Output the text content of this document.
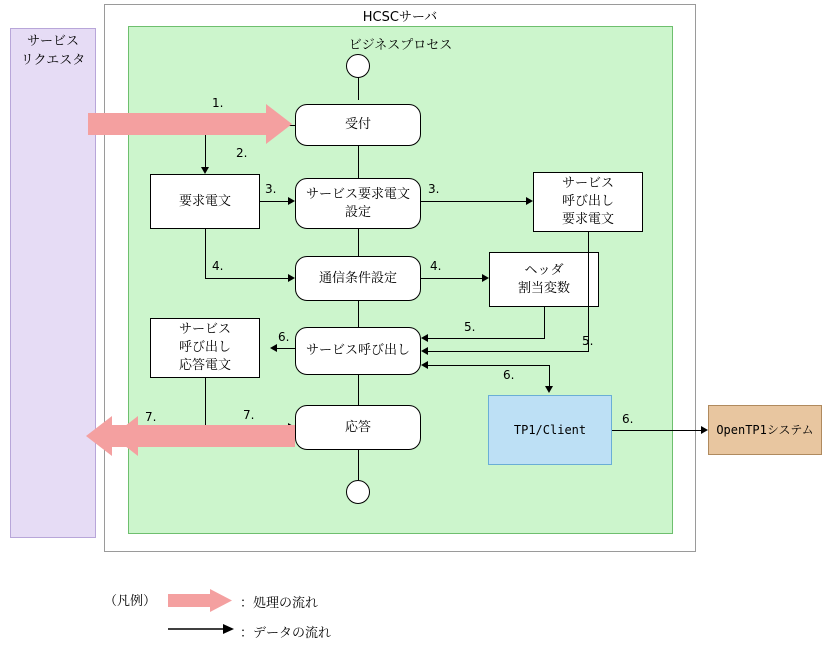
HCSCサーバ
ビジネスプロセス
サービス
リクエスタ
受付
要求電文	サービス要求電文
設定
サービス
呼び出し
要求電文
通信条件設定
ヘッダ
割当変数
サービス
呼び出し
応答電文
サービス呼び出し
応答	TP1/Client	OpenTP1システム
2.
3.	3.
4.	4.
5.
5.
6.
6.
6.
7.
7.
1.
（凡例）	：処理の流れ
：データの流れ
